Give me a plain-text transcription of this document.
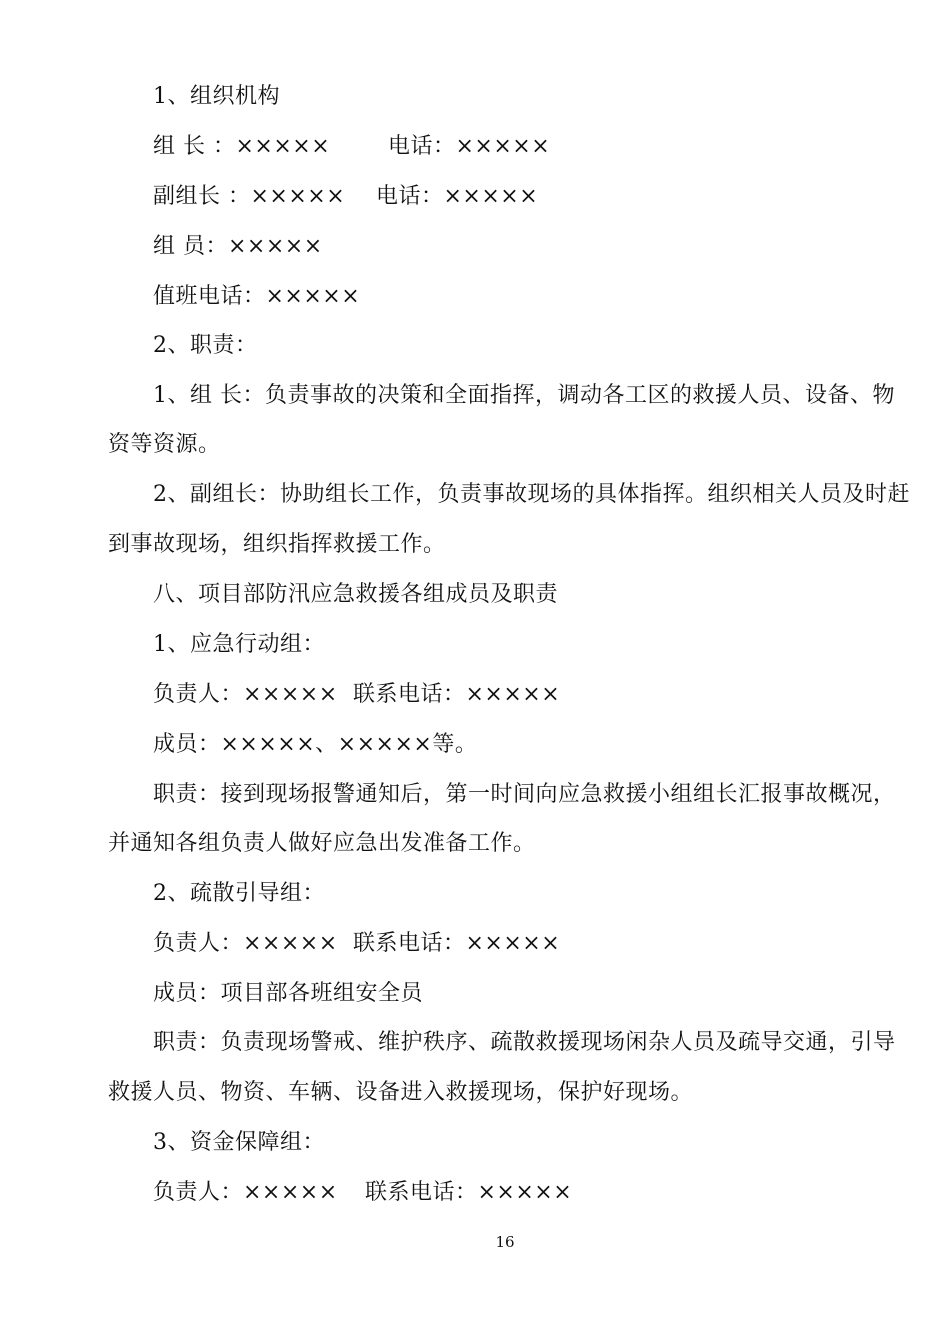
1、组织机构
组 长 ：×××××	电话：×××××
副组长 ：××××× 电话：×××××
组 员：×××××
值班电话：×××××
2、职责：
1、组 长：负责事故的决策和全面指挥，调动各工区的救援人员、设备、物
资等资源。
2、副组长：协助组长工作，负责事故现场的具体指挥。组织相关人员及时赶
到事故现场，组织指挥救援工作。
八、项目部防汛应急救援各组成员及职责
1、应急行动组：
负责人：××××× 联系电话：×××××
成员：×××××、×××××等。
职责：接到现场报警通知后，第一时间向应急救援小组组长汇报事故概况，
并通知各组负责人做好应急出发准备工作。
2、疏散引导组：
负责人：××××× 联系电话：×××××
成员：项目部各班组安全员
职责：负责现场警戒、维护秩序、疏散救援现场闲杂人员及疏导交通，引导
救援人员、物资、车辆、设备进入救援现场，保护好现场。
3、资金保障组：
负责人：××××× 联系电话：×××××
16
